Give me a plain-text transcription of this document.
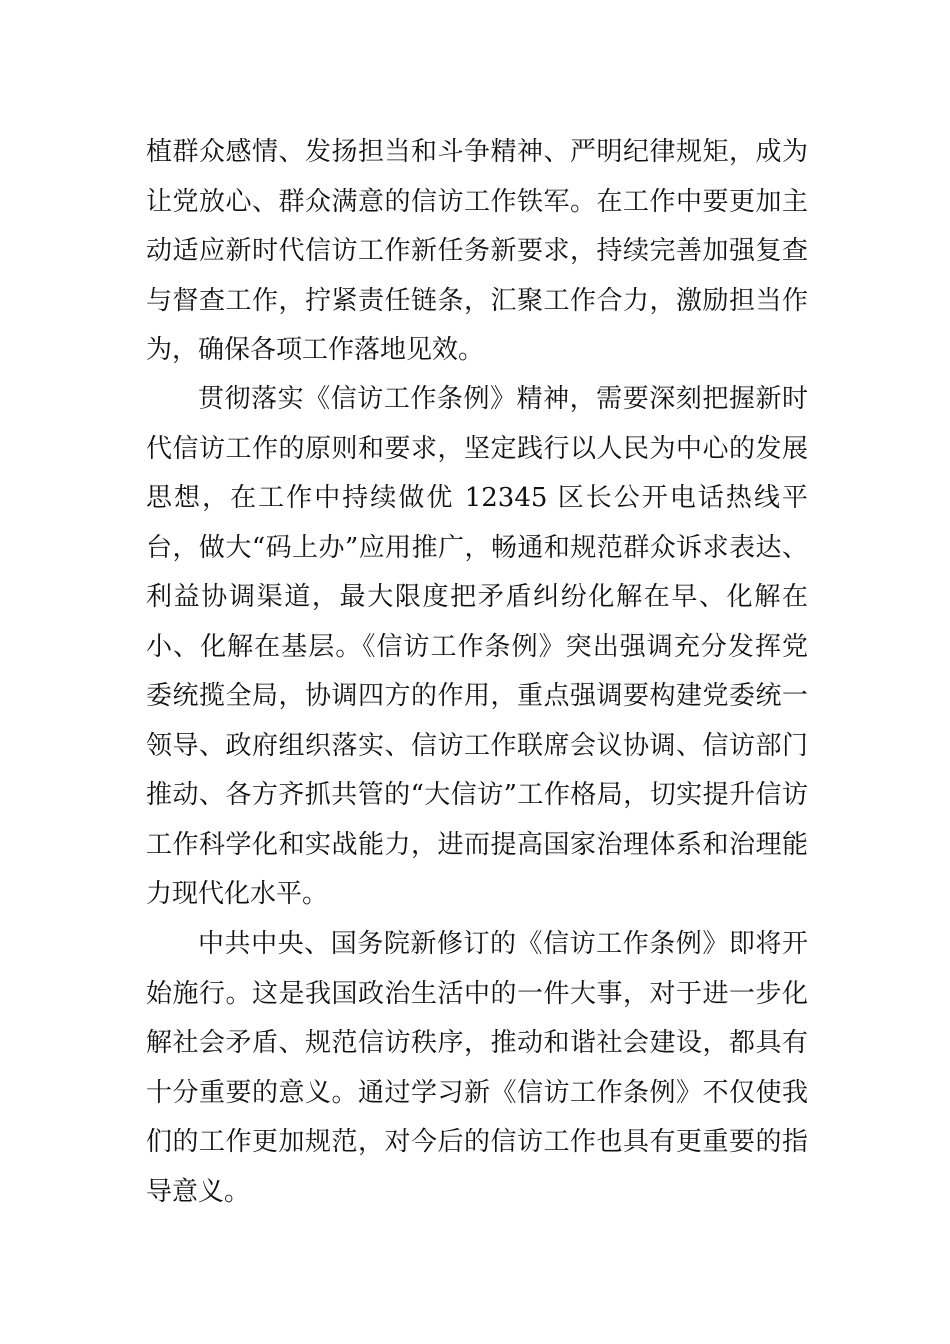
植群众感情、发扬担当和斗争精神、严明纪律规矩，成为让党放心、群众满意的信访工作铁军。在工作中要更加主动适应新时代信访工作新任务新要求，持续完善加强复查与督查工作，拧紧责任链条，汇聚工作合力，激励担当作为，确保各项工作落地见效。

贯彻落实《信访工作条例》精神，需要深刻把握新时代信访工作的原则和要求，坚定践行以人民为中心的发展思想，在工作中持续做优 12345 区长公开电话热线平台，做大“码上办”应用推广，畅通和规范群众诉求表达、利益协调渠道，最大限度把矛盾纠纷化解在早、化解在小、化解在基层。《信访工作条例》突出强调充分发挥党委统揽全局，协调四方的作用，重点强调要构建党委统一领导、政府组织落实、信访工作联席会议协调、信访部门推动、各方齐抓共管的“大信访”工作格局，切实提升信访工作科学化和实战能力，进而提高国家治理体系和治理能力现代化水平。

中共中央、国务院新修订的《信访工作条例》即将开始施行。这是我国政治生活中的一件大事，对于进一步化解社会矛盾、规范信访秩序，推动和谐社会建设，都具有十分重要的意义。通过学习新《信访工作条例》不仅使我们的工作更加规范，对今后的信访工作也具有更重要的指导意义。
